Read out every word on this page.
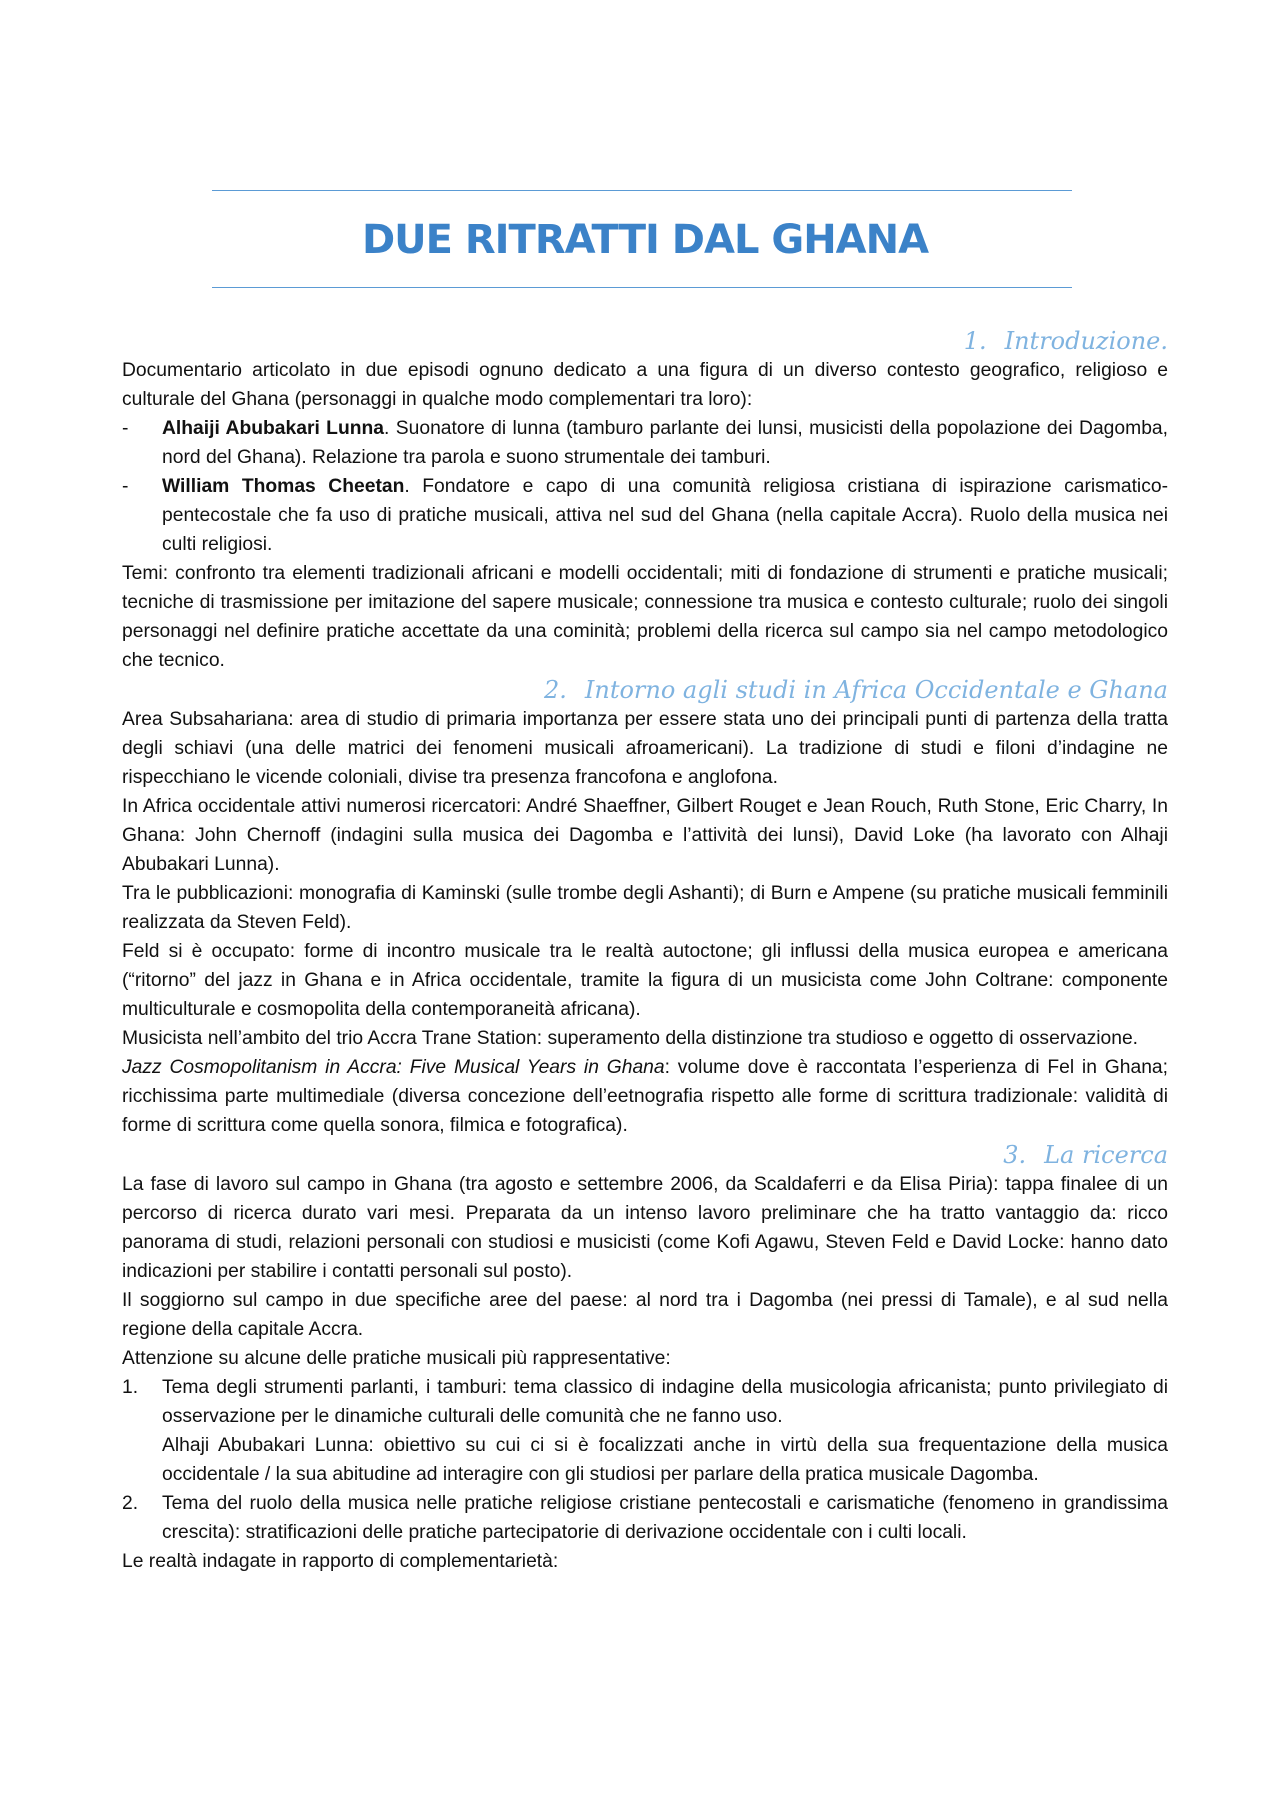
DUE RITRATTI DAL GHANA
1. Introduzione.

Documentario articolato in due episodi ognuno dedicato a una figura di un diverso contesto geografico, religioso e culturale del Ghana (personaggi in qualche modo complementari tra loro):

- Alhaiji Abubakari Lunna. Suonatore di lunna (tamburo parlante dei lunsi, musicisti della popolazione dei Dagomba, nord del Ghana). Relazione tra parola e suono strumentale dei tamburi.

- William Thomas Cheetan. Fondatore e capo di una comunità religiosa cristiana di ispirazione carismatico-pentecostale che fa uso di pratiche musicali, attiva nel sud del Ghana (nella capitale Accra). Ruolo della musica nei culti religiosi.

Temi: confronto tra elementi tradizionali africani e modelli occidentali; miti di fondazione di strumenti e pratiche musicali; tecniche di trasmissione per imitazione del sapere musicale; connessione tra musica e contesto culturale; ruolo dei singoli personaggi nel definire pratiche accettate da una cominità; problemi della ricerca sul campo sia nel campo metodologico che tecnico.

2. Intorno agli studi in Africa Occidentale e Ghana

Area Subsahariana: area di studio di primaria importanza per essere stata uno dei principali punti di partenza della tratta degli schiavi (una delle matrici dei fenomeni musicali afroamericani). La tradizione di studi e filoni d’indagine ne rispecchiano le vicende coloniali, divise tra presenza francofona e anglofona.

In Africa occidentale attivi numerosi ricercatori: André Shaeffner, Gilbert Rouget e Jean Rouch, Ruth Stone, Eric Charry, In Ghana: John Chernoff (indagini sulla musica dei Dagomba e l’attività dei lunsi), David Loke (ha lavorato con Alhaji Abubakari Lunna).

Tra le pubblicazioni: monografia di Kaminski (sulle trombe degli Ashanti); di Burn e Ampene (su pratiche musicali femminili realizzata da Steven Feld).

Feld si è occupato: forme di incontro musicale tra le realtà autoctone; gli influssi della musica europea e americana (“ritorno” del jazz in Ghana e in Africa occidentale, tramite la figura di un musicista come John Coltrane: componente multiculturale e cosmopolita della contemporaneità africana).

Musicista nell’ambito del trio Accra Trane Station: superamento della distinzione tra studioso e oggetto di osservazione.

Jazz Cosmopolitanism in Accra: Five Musical Years in Ghana: volume dove è raccontata l’esperienza di Fel in Ghana; ricchissima parte multimediale (diversa concezione dell’eetnografia rispetto alle forme di scrittura tradizionale: validità di forme di scrittura come quella sonora, filmica e fotografica).

3. La ricerca

La fase di lavoro sul campo in Ghana (tra agosto e settembre 2006, da Scaldaferri e da Elisa Piria): tappa finalee di un percorso di ricerca durato vari mesi. Preparata da un intenso lavoro preliminare che ha tratto vantaggio da: ricco panorama di studi, relazioni personali con studiosi e musicisti (come Kofi Agawu, Steven Feld e David Locke: hanno dato indicazioni per stabilire i contatti personali sul posto).

Il soggiorno sul campo in due specifiche aree del paese: al nord tra i Dagomba (nei pressi di Tamale), e al sud nella regione della capitale Accra.

Attenzione su alcune delle pratiche musicali più rappresentative:

1. Tema degli strumenti parlanti, i tamburi: tema classico di indagine della musicologia africanista; punto privilegiato di osservazione per le dinamiche culturali delle comunità che ne fanno uso.

Alhaji Abubakari Lunna: obiettivo su cui ci si è focalizzati anche in virtù della sua frequentazione della musica occidentale / la sua abitudine ad interagire con gli studiosi per parlare della pratica musicale Dagomba.

2. Tema del ruolo della musica nelle pratiche religiose cristiane pentecostali e carismatiche (fenomeno in grandissima crescita): stratificazioni delle pratiche partecipatorie di derivazione occidentale con i culti locali.

Le realtà indagate in rapporto di complementarietà:
